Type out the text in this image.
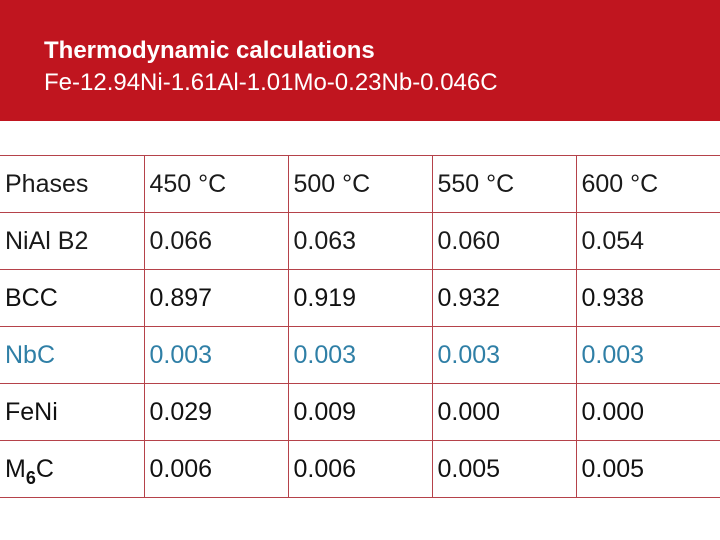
Thermodynamic calculations
Fe-12.94Ni-1.61Al-1.01Mo-0.23Nb-0.046C
Phases	450 °C	500 °C	550 °C	600 °C
NiAl B2	0.066	0.063	0.060	0.054
BCC	0.897	0.919	0.932	0.938
NbC	0.003	0.003	0.003	0.003
FeNi	0.029	0.009	0.000	0.000
$M_6C$	0.006	0.006	0.005	0.005
